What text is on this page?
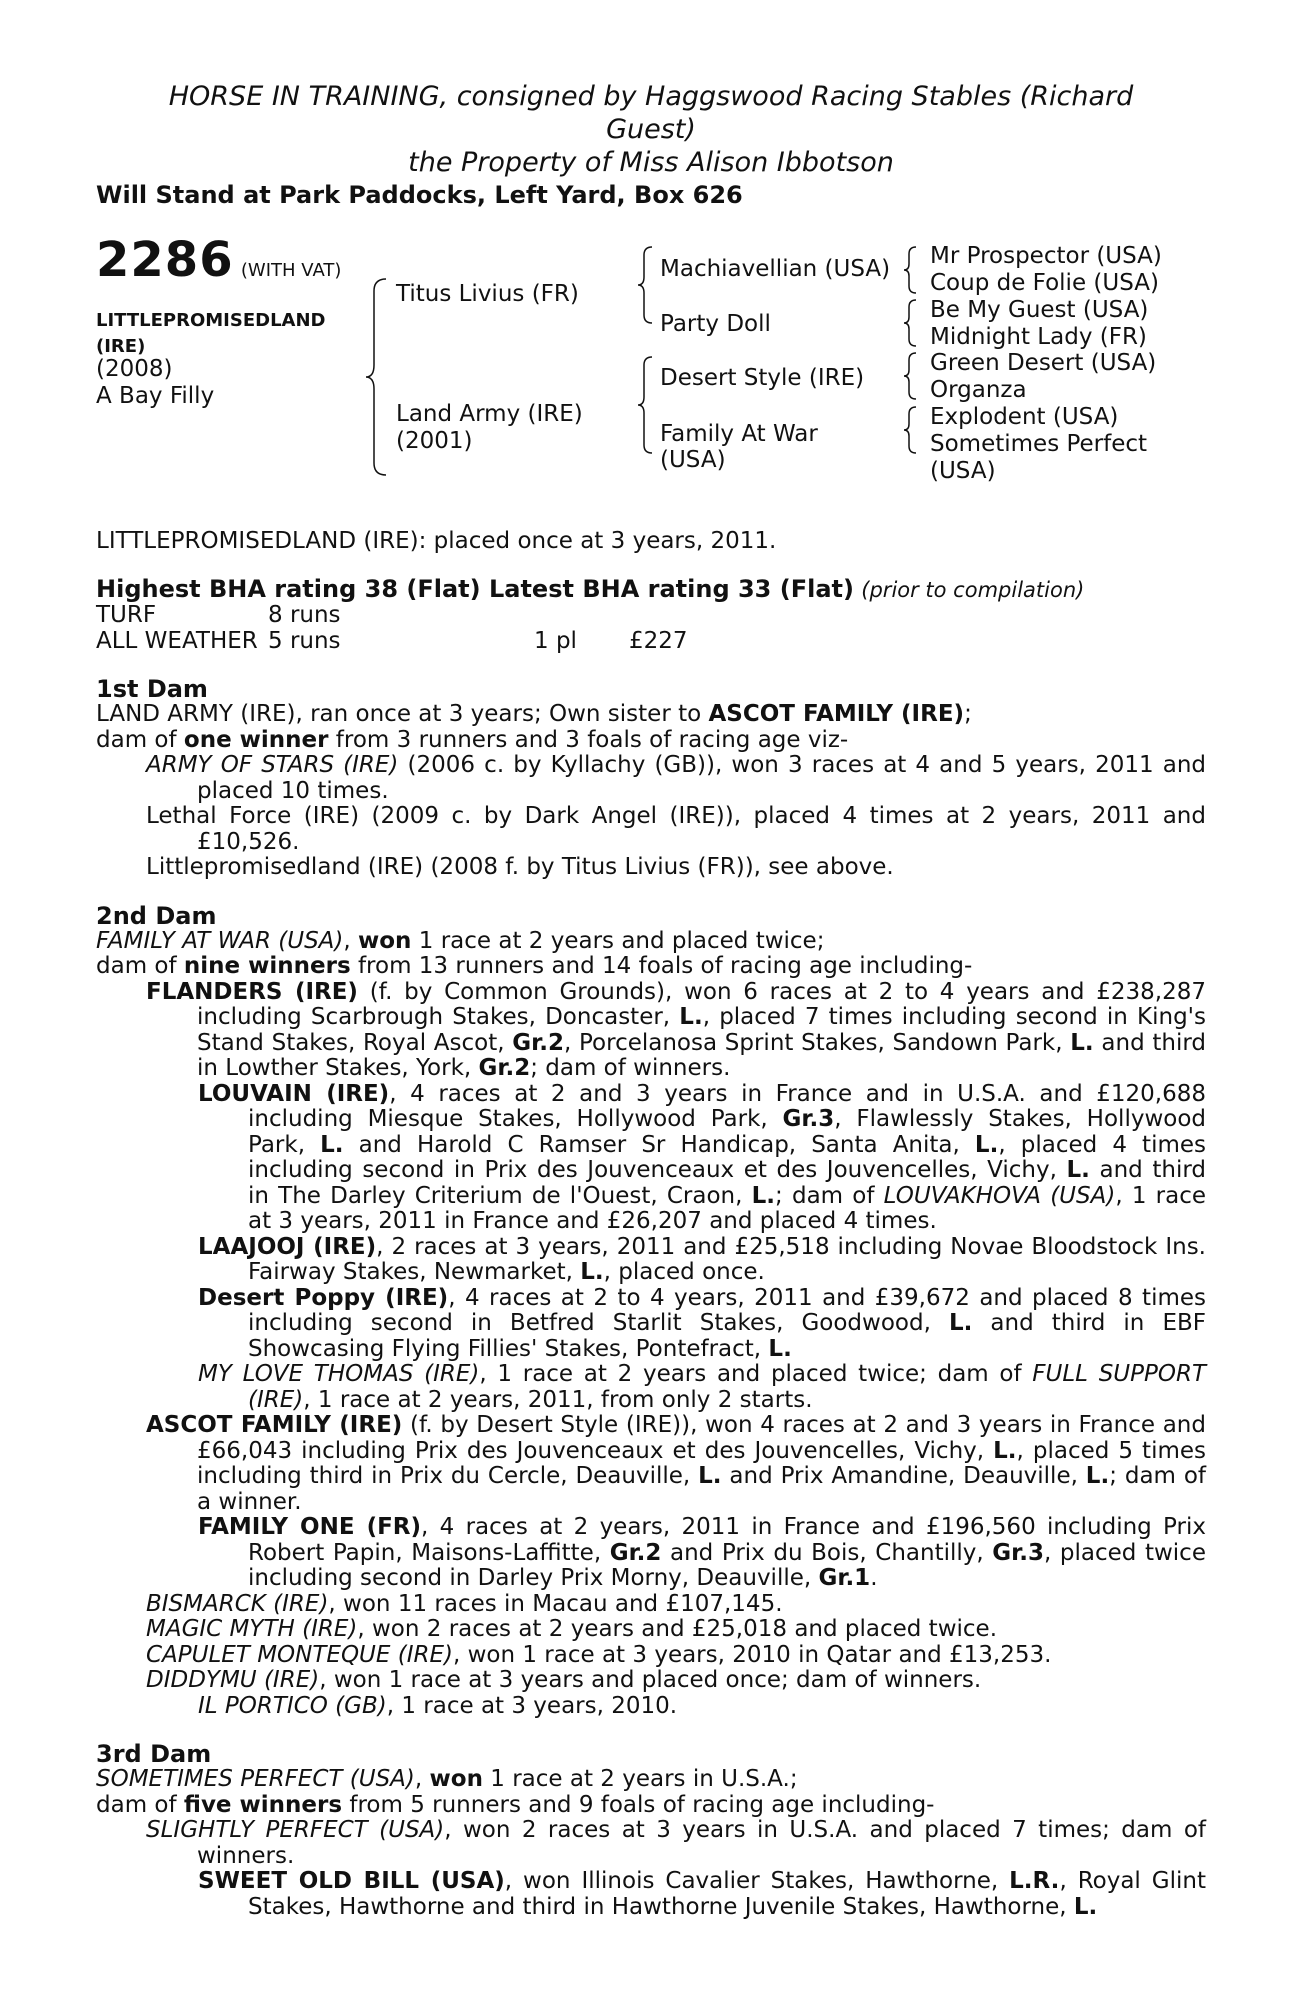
HORSE IN TRAINING, consigned by Haggswood Racing Stables (Richard
Guest)
the Property of Miss Alison Ibbotson
Will Stand at Park Paddocks, Left Yard, Box 626
2286 (WITH VAT)
LITTLEPROMISEDLAND
(IRE)
(2008)
A Bay Filly
Titus Livius (FR)
Land Army (IRE)
(2001)
Machiavellian (USA)
Party Doll
Desert Style (IRE)
Family At War
(USA)
Mr Prospector (USA)
Coup de Folie (USA)
Be My Guest (USA)
Midnight Lady (FR)
Green Desert (USA)
Organza
Explodent (USA)
Sometimes Perfect
(USA)

LITTLEPROMISEDLAND (IRE): placed once at 3 years, 2011.

Highest BHA rating 38 (Flat) Latest BHA rating 33 (Flat) (prior to compilation)
TURF	8 runs		
ALL WEATHER	5 runs	1 pl	£227

1st Dam

LAND ARMY (IRE), ran once at 3 years; Own sister to ASCOT FAMILY (IRE);
dam of one winner from 3 runners and 3 foals of racing age viz-
ARMY OF STARS (IRE) (2006 c. by Kyllachy (GB)), won 3 races at 4 and 5 years, 2011 and placed 10 times.
Lethal Force (IRE) (2009 c. by Dark Angel (IRE)), placed 4 times at 2 years, 2011 and £10,526.
Littlepromisedland (IRE) (2008 f. by Titus Livius (FR)), see above.

2nd Dam

FAMILY AT WAR (USA), won 1 race at 2 years and placed twice;
dam of nine winners from 13 runners and 14 foals of racing age including-
FLANDERS (IRE) (f. by Common Grounds), won 6 races at 2 to 4 years and £238,287 including Scarbrough Stakes, Doncaster, L., placed 7 times including second in King's Stand Stakes, Royal Ascot, Gr.2, Porcelanosa Sprint Stakes, Sandown Park, L. and third in Lowther Stakes, York, Gr.2; dam of winners.
LOUVAIN (IRE), 4 races at 2 and 3 years in France and in U.S.A. and £120,688 including Miesque Stakes, Hollywood Park, Gr.3, Flawlessly Stakes, Hollywood Park, L. and Harold C Ramser Sr Handicap, Santa Anita, L., placed 4 times including second in Prix des Jouvenceaux et des Jouvencelles, Vichy, L. and third in The Darley Criterium de l'Ouest, Craon, L.; dam of LOUVAKHOVA (USA), 1 race at 3 years, 2011 in France and £26,207 and placed 4 times.
LAAJOOJ (IRE), 2 races at 3 years, 2011 and £25,518 including Novae Bloodstock Ins. Fairway Stakes, Newmarket, L., placed once.
Desert Poppy (IRE), 4 races at 2 to 4 years, 2011 and £39,672 and placed 8 times including second in Betfred Starlit Stakes, Goodwood, L. and third in EBF Showcasing Flying Fillies' Stakes, Pontefract, L.
MY LOVE THOMAS (IRE), 1 race at 2 years and placed twice; dam of FULL SUPPORT (IRE), 1 race at 2 years, 2011, from only 2 starts.
ASCOT FAMILY (IRE) (f. by Desert Style (IRE)), won 4 races at 2 and 3 years in France and £66,043 including Prix des Jouvenceaux et des Jouvencelles, Vichy, L., placed 5 times including third in Prix du Cercle, Deauville, L. and Prix Amandine, Deauville, L.; dam of a winner.
FAMILY ONE (FR), 4 races at 2 years, 2011 in France and £196,560 including Prix Robert Papin, Maisons-Laffitte, Gr.2 and Prix du Bois, Chantilly, Gr.3, placed twice including second in Darley Prix Morny, Deauville, Gr.1.
BISMARCK (IRE), won 11 races in Macau and £107,145.
MAGIC MYTH (IRE), won 2 races at 2 years and £25,018 and placed twice.
CAPULET MONTEQUE (IRE), won 1 race at 3 years, 2010 in Qatar and £13,253.
DIDDYMU (IRE), won 1 race at 3 years and placed once; dam of winners.
IL PORTICO (GB), 1 race at 3 years, 2010.

3rd Dam

SOMETIMES PERFECT (USA), won 1 race at 2 years in U.S.A.;
dam of five winners from 5 runners and 9 foals of racing age including-
SLIGHTLY PERFECT (USA), won 2 races at 3 years in U.S.A. and placed 7 times; dam of winners.
SWEET OLD BILL (USA), won Illinois Cavalier Stakes, Hawthorne, L.R., Royal Glint Stakes, Hawthorne and third in Hawthorne Juvenile Stakes, Hawthorne, L.
